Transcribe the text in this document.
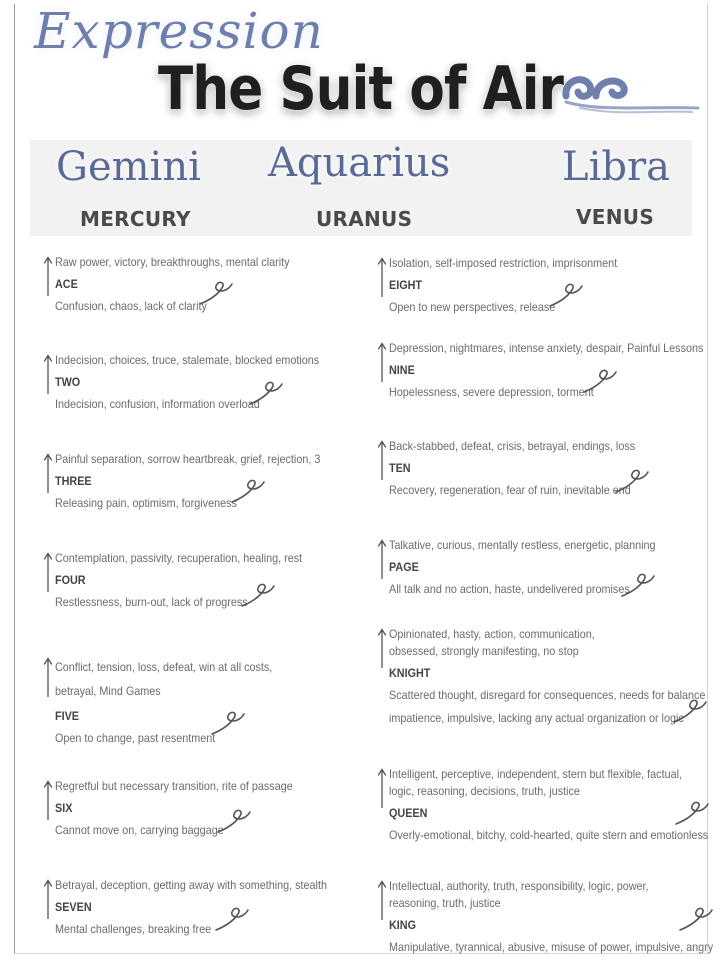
Expression
The Suit of Air
Gemini Aquarius	Libra
MERCURY	URANUS	VENUS
Raw power, victory, breakthroughs, mental clarity
ACE
Confusion, chaos, lack of clarity
Indecision, choices, truce, stalemate, blocked emotions
TWO
Indecision, confusion, information overload
Painful separation, sorrow heartbreak, grief, rejection, 3
THREE
Releasing pain, optimism, forgiveness
Contemplation, passivity, recuperation, healing, rest
FOUR
Restlessness, burn-out, lack of progress
Conflict, tension, loss, defeat, win at all costs, betrayal, Mind Games
FIVE
Open to change, past resentment
Regretful but necessary transition, rite of passage
SIX
Cannot move on, carrying baggage
Betrayal, deception, getting away with something, stealth
SEVEN
Mental challenges, breaking free
Isolation, self-imposed restriction, imprisonment
EIGHT
Open to new perspectives, release
Depression, nightmares, intense anxiety, despair, Painful Lessons
NINE
Hopelessness, severe depression, torment
Back-stabbed, defeat, crisis, betrayal, endings, loss
TEN
Recovery, regeneration, fear of ruin, inevitable end
Talkative, curious, mentally restless, energetic, planning
PAGE
All talk and no action, haste, undelivered promises
Opinionated, hasty, action, communication, obsessed, strongly manifesting, no stop
KNIGHT
Scattered thought, disregard for consequences, needs for balance
impatience, impulsive, lacking any actual organization or logic
Intelligent, perceptive, independent, stern but flexible, factual, logic, reasoning, decisions, truth, justice
QUEEN
Overly-emotional, bitchy, cold-hearted, quite stern and emotionless
Intellectual, authority, truth, responsibility, logic, power, reasoning, truth, justice
KING
Manipulative, tyrannical, abusive, misuse of power, impulsive, angry
